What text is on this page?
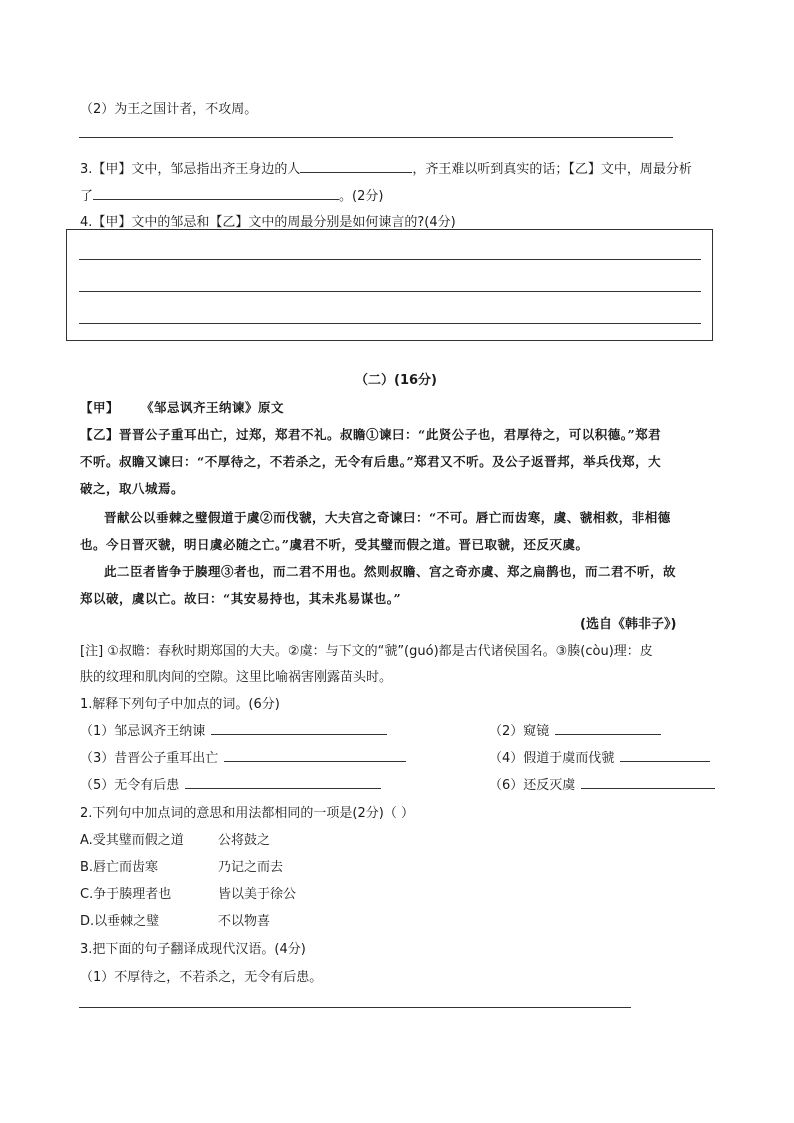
（2）为王之国计者，不攻周。
3.【甲】文中，邹忌指出齐王身边的人	，齐王难以听到真实的话；【乙】文中，周最分析
了	。(2分)
4.【甲】文中的邹忌和【乙】文中的周最分别是如何谏言的?(4分)
（二）(16分)
【甲】 《邹忌讽齐王纳谏》原文
【乙】晋晋公子重耳出亡，过郑，郑君不礼。叔瞻①谏曰：“此贤公子也，君厚待之，可以积德。”郑君
不听。叔瞻又谏曰：“不厚待之，不若杀之，无令有后患。”郑君又不听。及公子返晋邦，举兵伐郑，大
破之，取八城焉。
晋献公以垂棘之璧假道于虞②而伐虢，大夫宫之奇谏曰：“不可。唇亡而齿寒，虞、虢相救，非相德
也。今日晋灭虢，明日虞必随之亡。”虞君不听，受其璧而假之道。晋已取虢，还反灭虞。
此二臣者皆争于腠理③者也，而二君不用也。然则叔瞻、宫之奇亦虞、郑之扁鹊也，而二君不听，故
郑以破，虞以亡。故曰：“其安易持也，其未兆易谋也。”
(选自《韩非子》)
[注] ①叔瞻：春秋时期郑国的大夫。②虞：与下文的“虢”(guó)都是古代诸侯国名。③腠(còu)理：皮
肤的纹理和肌肉间的空隙。这里比喻祸害刚露苗头时。
1.解释下列句子中加点的词。(6分)
（1）邹忌讽齐王纳谏	（2）窥镜
（3）昔晋公子重耳出亡	（4）假道于虞而伐虢
（5）无令有后患	（6）还反灭虞
2.下列句中加点词的意思和用法都相同的一项是(2分)（ ）
A.受其璧而假之道	公将鼓之
B.唇亡而齿寒	乃记之而去
C.争于腠理者也	皆以美于徐公
D.以垂棘之璧	不以物喜
3.把下面的句子翻译成现代汉语。(4分)
（1）不厚待之，不若杀之，无令有后患。
